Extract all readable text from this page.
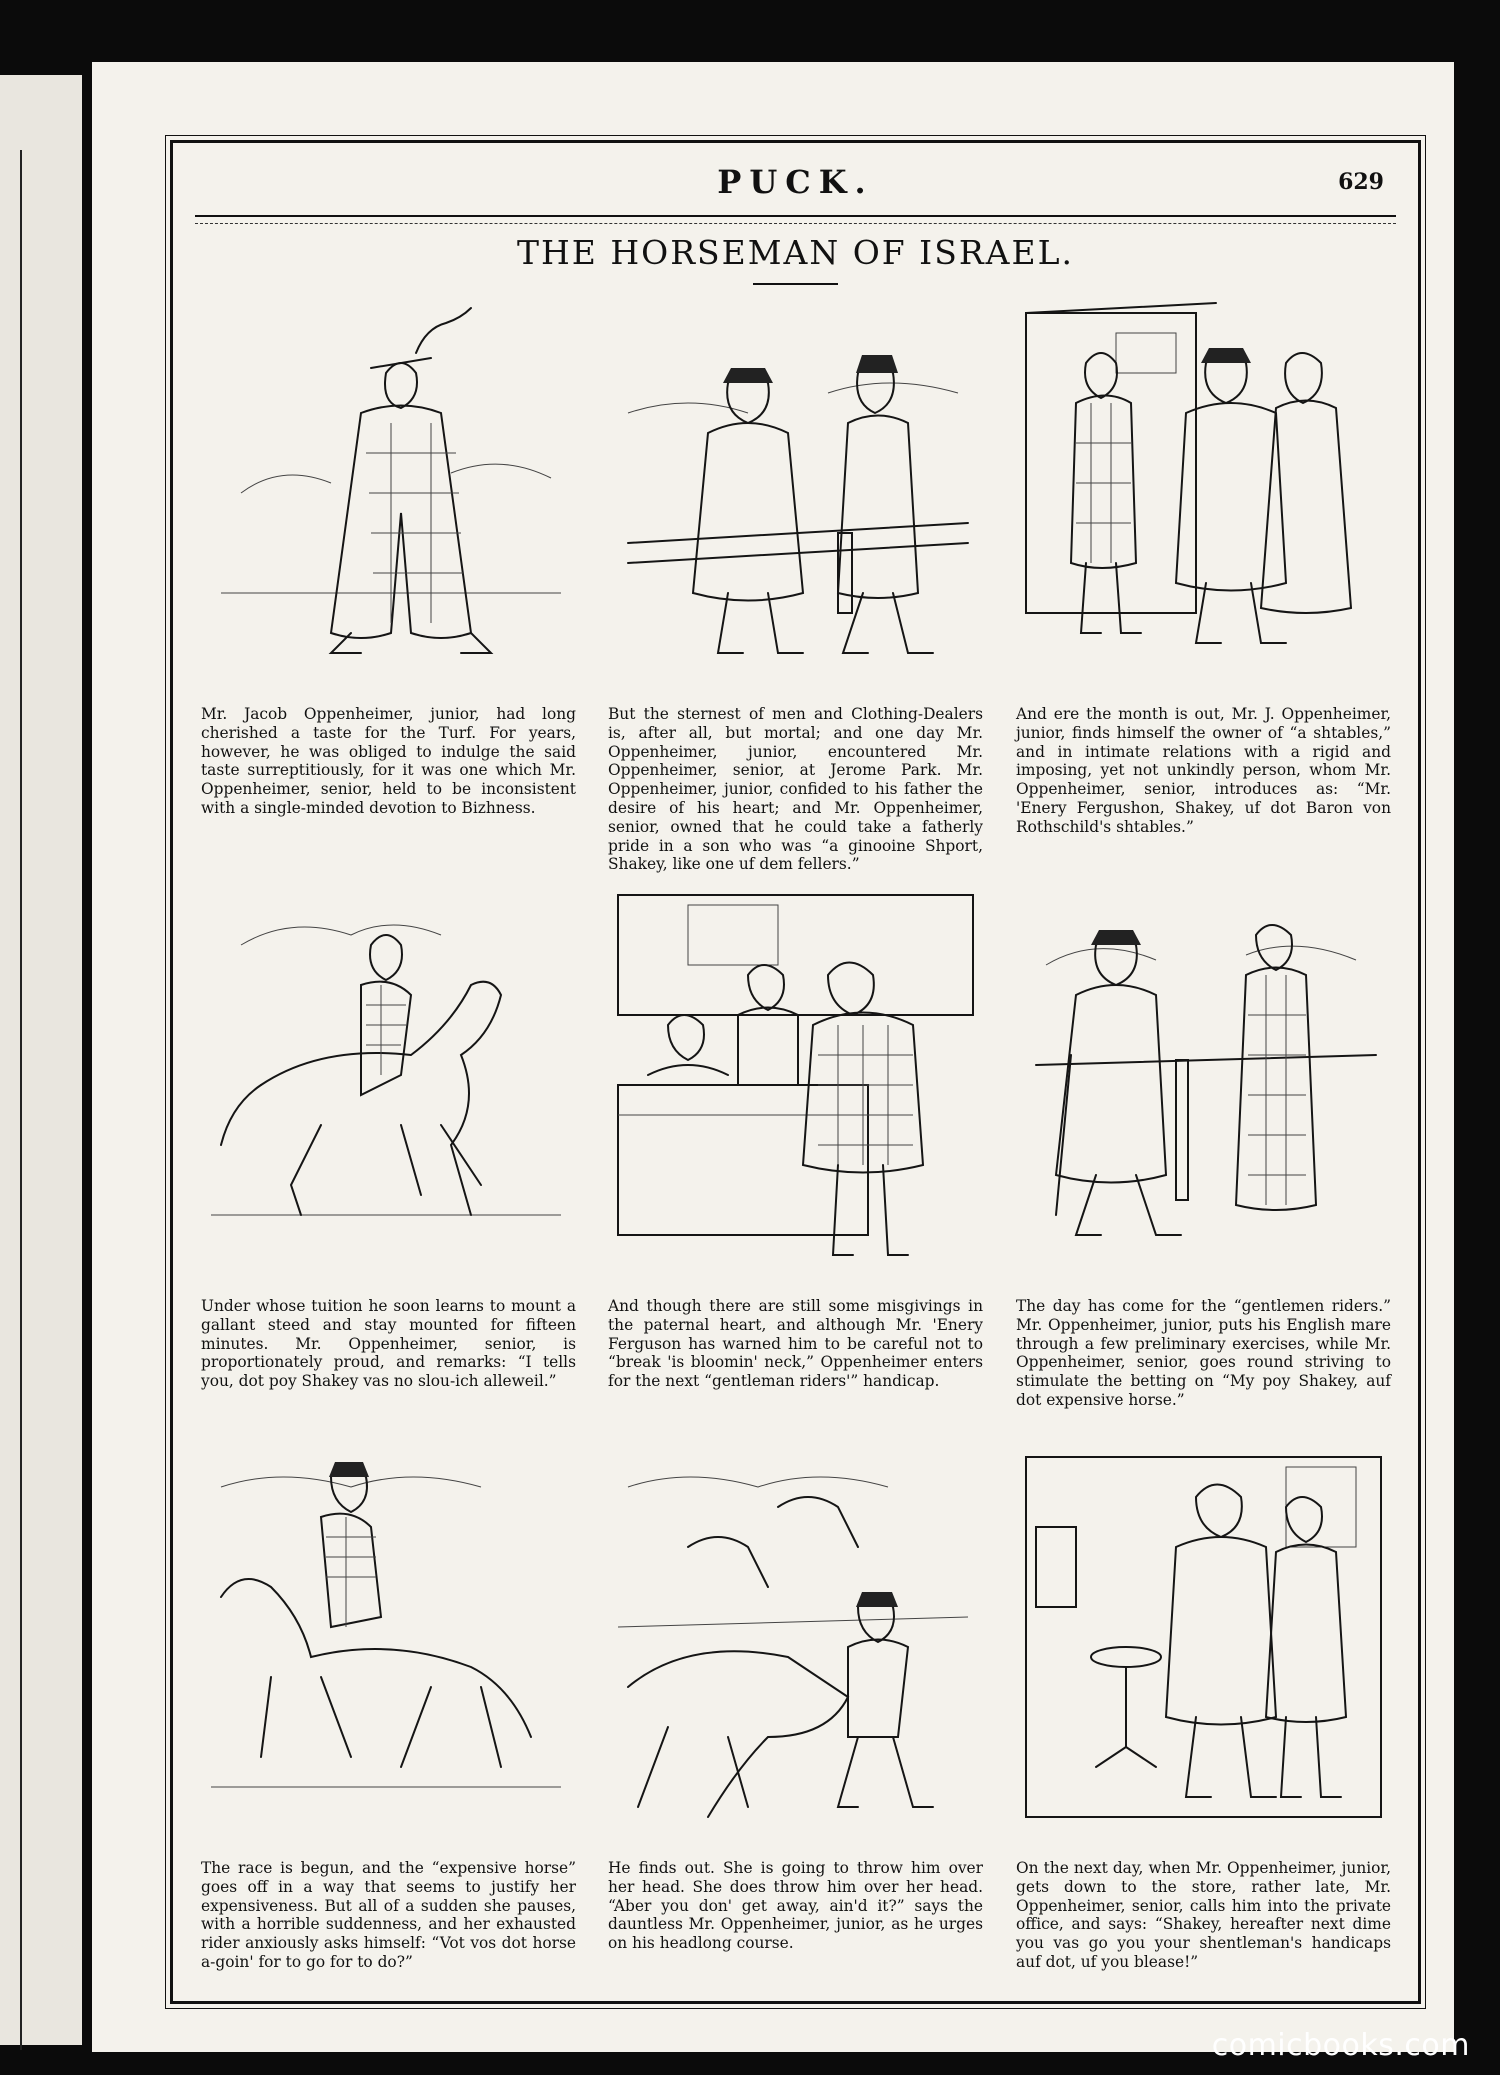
PUCK.	629
THE HORSEMAN OF ISRAEL.
Mr. Jacob Oppenheimer, junior, had long cherished a taste for the Turf. For years, however, he was obliged to indulge the said taste surreptitiously, for it was one which Mr. Oppenheimer, senior, held to be inconsistent with a single-minded devotion to Bizhness.
But the sternest of men and Clothing-Dealers is, after all, but mortal; and one day Mr. Oppenheimer, junior, encountered Mr. Oppenheimer, senior, at Jerome Park. Mr. Oppenheimer, junior, confided to his father the desire of his heart; and Mr. Oppenheimer, senior, owned that he could take a fatherly pride in a son who was “a ginooine Shport, Shakey, like one uf dem fellers.”
And ere the month is out, Mr. J. Oppenheimer, junior, finds himself the owner of “a shtables,” and in intimate relations with a rigid and imposing, yet not unkindly person, whom Mr. Oppenheimer, senior, introduces as: “Mr. 'Enery Fergushon, Shakey, uf dot Baron von Rothschild's shtables.”
Under whose tuition he soon learns to mount a gallant steed and stay mounted for fifteen minutes. Mr. Oppenheimer, senior, is proportionately proud, and remarks: “I tells you, dot poy Shakey vas no slou-ich alleweil.”
And though there are still some misgivings in the paternal heart, and although Mr. 'Enery Ferguson has warned him to be careful not to “break 'is bloomin' neck,” Oppenheimer enters for the next “gentleman riders'” handicap.
The day has come for the “gentlemen riders.” Mr. Oppenheimer, junior, puts his English mare through a few preliminary exercises, while Mr. Oppenheimer, senior, goes round striving to stimulate the betting on “My poy Shakey, auf dot expensive horse.”
The race is begun, and the “expensive horse” goes off in a way that seems to justify her expensiveness. But all of a sudden she pauses, with a horrible suddenness, and her exhausted rider anxiously asks himself: “Vot vos dot horse a-goin' for to go for to do?”
He finds out. She is going to throw him over her head. She does throw him over her head. “Aber you don' get away, ain'd it?” says the dauntless Mr. Oppenheimer, junior, as he urges on his headlong course.
On the next day, when Mr. Oppenheimer, junior, gets down to the store, rather late, Mr. Oppenheimer, senior, calls him into the private office, and says: “Shakey, hereafter next dime you vas go you your shentleman's handicaps auf dot, uf you blease!”
comicbooks.com
